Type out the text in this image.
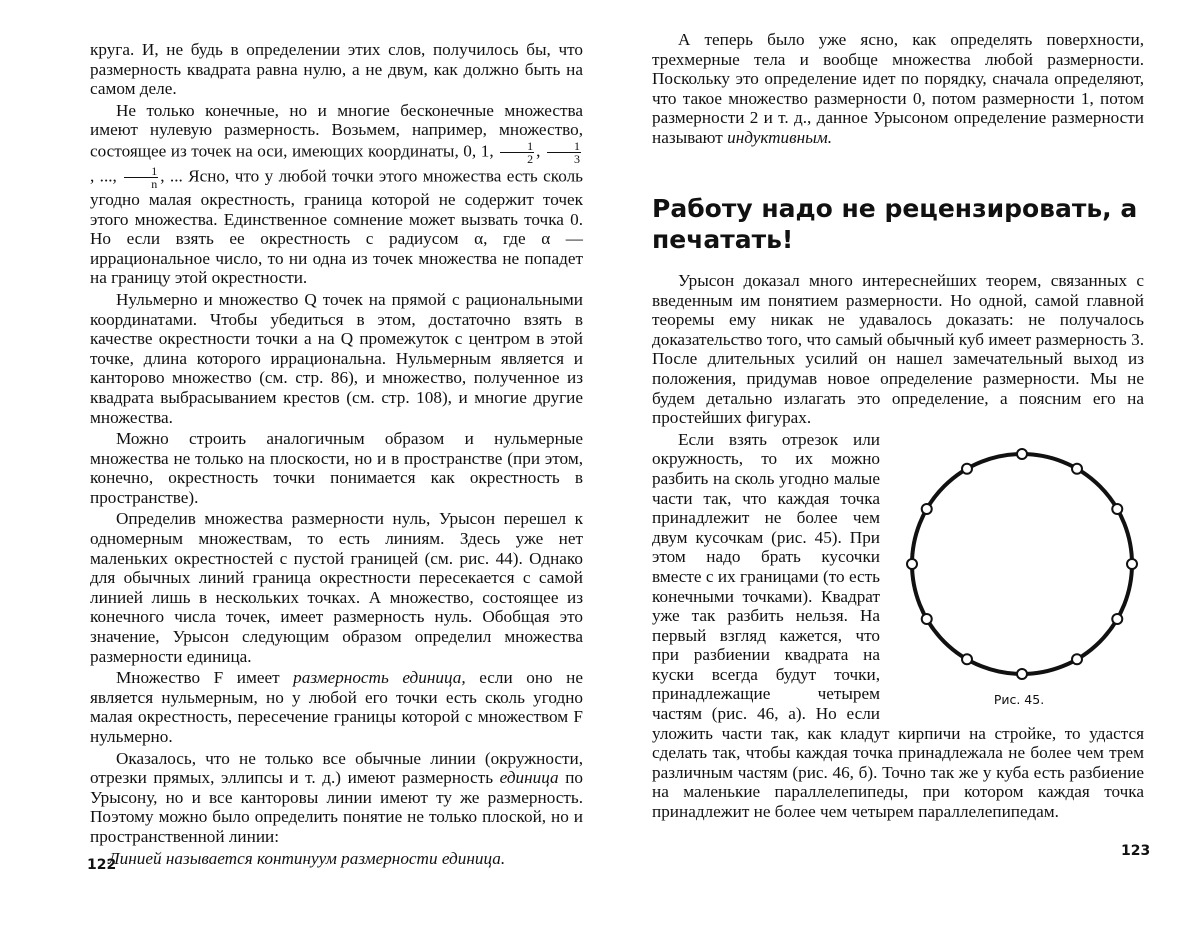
круга. И, не будь в определении этих слов, получилось бы, что размерность квадрата равна нулю, а не двум, как должно быть на самом деле.

Не только конечные, но и многие бесконечные множества имеют нулевую размерность. Возьмем, например, множество, состоящее из точек на оси, имеющих координаты, 0, 1,	1
2 ,	1
3
, ...,	1
n , ... Ясно, что у любой точки этого множества есть сколь угодно малая окрестность, граница которой не содержит точек этого множества. Единственное сомнение может вызвать точка 0. Но если взять ее окрестность с радиусом α, где α — иррациональное число, то ни одна из точек множества не попадет на границу этой окрестности.

Нульмерно и множество Q точек на прямой с рациональными координатами. Чтобы убедиться в этом, достаточно взять в качестве окрестности точки a на Q промежуток с центром в этой точке, длина которого иррациональна. Нульмерным является и канторово множество (см. стр. 86), и множество, полученное из квадрата выбрасыванием крестов (см. стр. 108), и многие другие множества.

Можно строить аналогичным образом и нульмерные множества не только на плоскости, но и в пространстве (при этом, конечно, окрестность точки понимается как окрестность в пространстве).

Определив множества размерности нуль, Урысон перешел к одномерным множествам, то есть линиям. Здесь уже нет маленьких окрестностей с пустой границей (см. рис. 44). Однако для обычных линий граница окрестности пересекается с самой линией лишь в нескольких точках. А множество, состоящее из конечного числа точек, имеет размерность нуль. Обобщая это значение, Урысон следующим образом определил множества размерности единица.

Множество F имеет размерность единица, если оно не является нульмерным, но у любой его точки есть сколь угодно малая окрестность, пересечение границы которой с множеством F нульмерно.

Оказалось, что не только все обычные линии (окружности, отрезки прямых, эллипсы и т. д.) имеют размерность единица по Урысону, но и все канторовы линии имеют ту же размерность. Поэтому можно было определить понятие не только плоской, но и пространственной линии:

Линией называется континуум размерности единица.

122

А теперь было уже ясно, как определять поверхности, трехмерные тела и вообще множества любой размерности. Поскольку это определение идет по порядку, сначала определяют, что такое множество размерности 0, потом размерности 1, потом размерности 2 и т. д., данное Урысоном определение размерности называют индуктивным.

Работу надо не рецензировать, а печатать!

Урысон доказал много интереснейших теорем, связанных с введенным им понятием размерности. Но одной, самой главной теоремы ему никак не удавалось доказать: не получалось доказательство того, что самый обычный куб имеет размерность 3. После длительных усилий он нашел замечательный выход из положения, придумав новое определение размерности. Мы не будем детально излагать это определение, а поясним его на простейших фигурах.

Рис. 45.

Если взять отрезок или окружность, то их можно разбить на сколь угодно малые части так, что каждая точка принадлежит не более чем двум кусочкам (рис. 45). При этом надо брать кусочки вместе с их границами (то есть конечными точками). Квадрат уже так разбить нельзя. На первый взгляд кажется, что при разбиении квадрата на куски всегда будут точки, принадлежащие четырем частям (рис. 46, а). Но если уложить части так, как кладут кирпичи на стройке, то удастся сделать так, чтобы каждая точка принадлежала не более чем трем различным частям (рис. 46, б). Точно так же у куба есть разбиение на маленькие параллелепипеды, при котором каждая точка принадлежит не более чем четырем параллелепипедам.

123
